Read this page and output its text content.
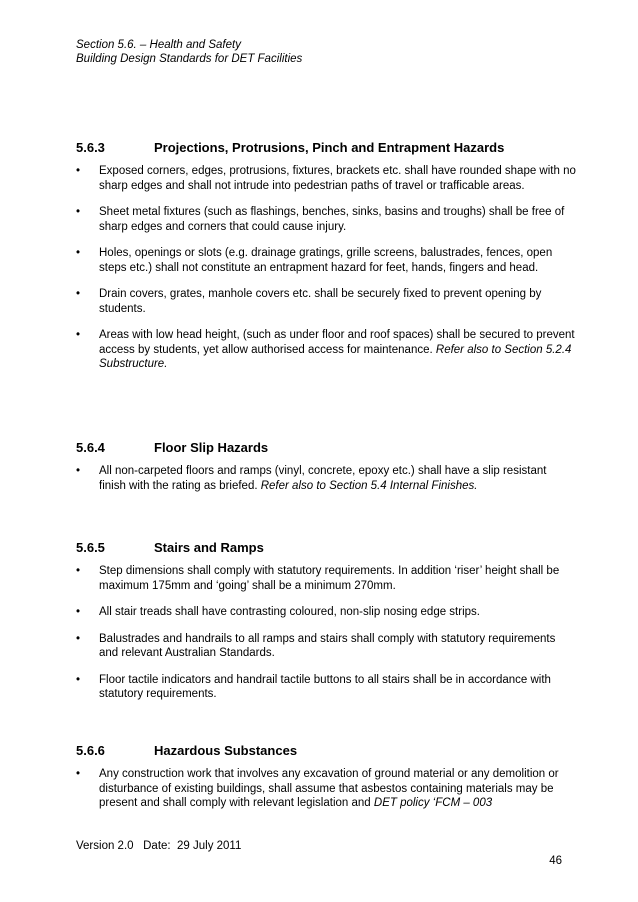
Section 5.6. – Health and Safety
Building Design Standards for DET Facilities
5.6.3	Projections, Protrusions, Pinch and Entrapment Hazards
• Exposed corners, edges, protrusions, fixtures, brackets etc. shall have rounded shape with no sharp edges and shall not intrude into pedestrian paths of travel or trafficable areas.
• Sheet metal fixtures (such as flashings, benches, sinks, basins and troughs) shall be free of sharp edges and corners that could cause injury.
• Holes, openings or slots (e.g. drainage gratings, grille screens, balustrades, fences, open steps etc.) shall not constitute an entrapment hazard for feet, hands, fingers and head.
• Drain covers, grates, manhole covers etc. shall be securely fixed to prevent opening by students.
• Areas with low head height, (such as under floor and roof spaces) shall be secured to prevent access by students, yet allow authorised access for maintenance. Refer also to Section 5.2.4 Substructure.
5.6.4	Floor Slip Hazards
• All non-carpeted floors and ramps (vinyl, concrete, epoxy etc.) shall have a slip resistant finish with the rating as briefed. Refer also to Section 5.4 Internal Finishes.
5.6.5	Stairs and Ramps
• Step dimensions shall comply with statutory requirements. In addition ‘riser’ height shall be maximum 175mm and ‘going’ shall be a minimum 270mm.
• All stair treads shall have contrasting coloured, non-slip nosing edge strips.
• Balustrades and handrails to all ramps and stairs shall comply with statutory requirements and relevant Australian Standards.
• Floor tactile indicators and handrail tactile buttons to all stairs shall be in accordance with statutory requirements.
5.6.6	Hazardous Substances
• Any construction work that involves any excavation of ground material or any demolition or disturbance of existing buildings, shall assume that asbestos containing materials may be present and shall comply with relevant legislation and DET policy ‘FCM – 003
Version 2.0   Date:  29 July 2011
46
